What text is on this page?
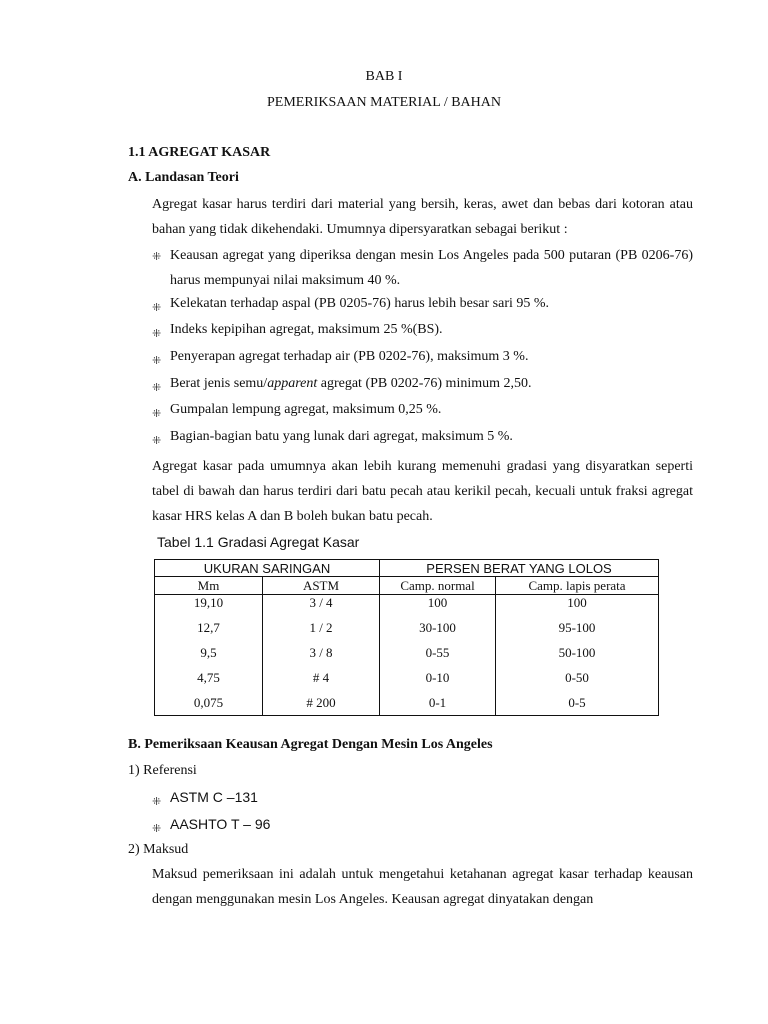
BAB I
PEMERIKSAAN MATERIAL / BAHAN
1.1 AGREGAT KASAR
A. Landasan Teori
Agregat kasar harus terdiri dari material yang bersih, keras, awet dan bebas dari kotoran atau bahan yang tidak dikehendaki. Umumnya dipersyaratkan sebagai berikut :
⁜ Keausan agregat yang diperiksa dengan mesin Los Angeles pada 500 putaran (PB 0206-76) harus mempunyai nilai maksimum 40 %.
⁜ Kelekatan terhadap aspal (PB 0205-76) harus lebih besar sari 95 %.
⁜ Indeks kepipihan agregat, maksimum 25 %(BS).
⁜ Penyerapan agregat terhadap air (PB 0202-76), maksimum 3 %.
⁜ Berat jenis semu/apparent agregat (PB 0202-76) minimum 2,50.
⁜ Gumpalan lempung agregat, maksimum 0,25 %.
⁜ Bagian-bagian batu yang lunak dari agregat, maksimum 5 %.
Agregat kasar pada umumnya akan lebih kurang memenuhi gradasi yang disyaratkan seperti tabel di bawah dan harus terdiri dari batu pecah atau kerikil pecah, kecuali untuk fraksi agregat kasar HRS kelas A dan B boleh bukan batu pecah.
Tabel 1.1 Gradasi Agregat Kasar
UKURAN SARINGAN		PERSEN BERAT YANG LOLOS	
Mm	ASTM	Camp. normal	Camp. lapis perata
19,10	3 / 4	100	100
12,7	1 / 2	30-100	95-100
9,5	3 / 8	0-55	50-100
4,75	# 4	0-10	0-50
0,075	# 200	0-1	0-5
B. Pemeriksaan Keausan Agregat Dengan Mesin Los Angeles
1) Referensi
⁜ ASTM C –131
⁜ AASHTO T – 96
2) Maksud
Maksud pemeriksaan ini adalah untuk mengetahui ketahanan agregat kasar terhadap keausan dengan menggunakan mesin Los Angeles. Keausan agregat dinyatakan dengan
